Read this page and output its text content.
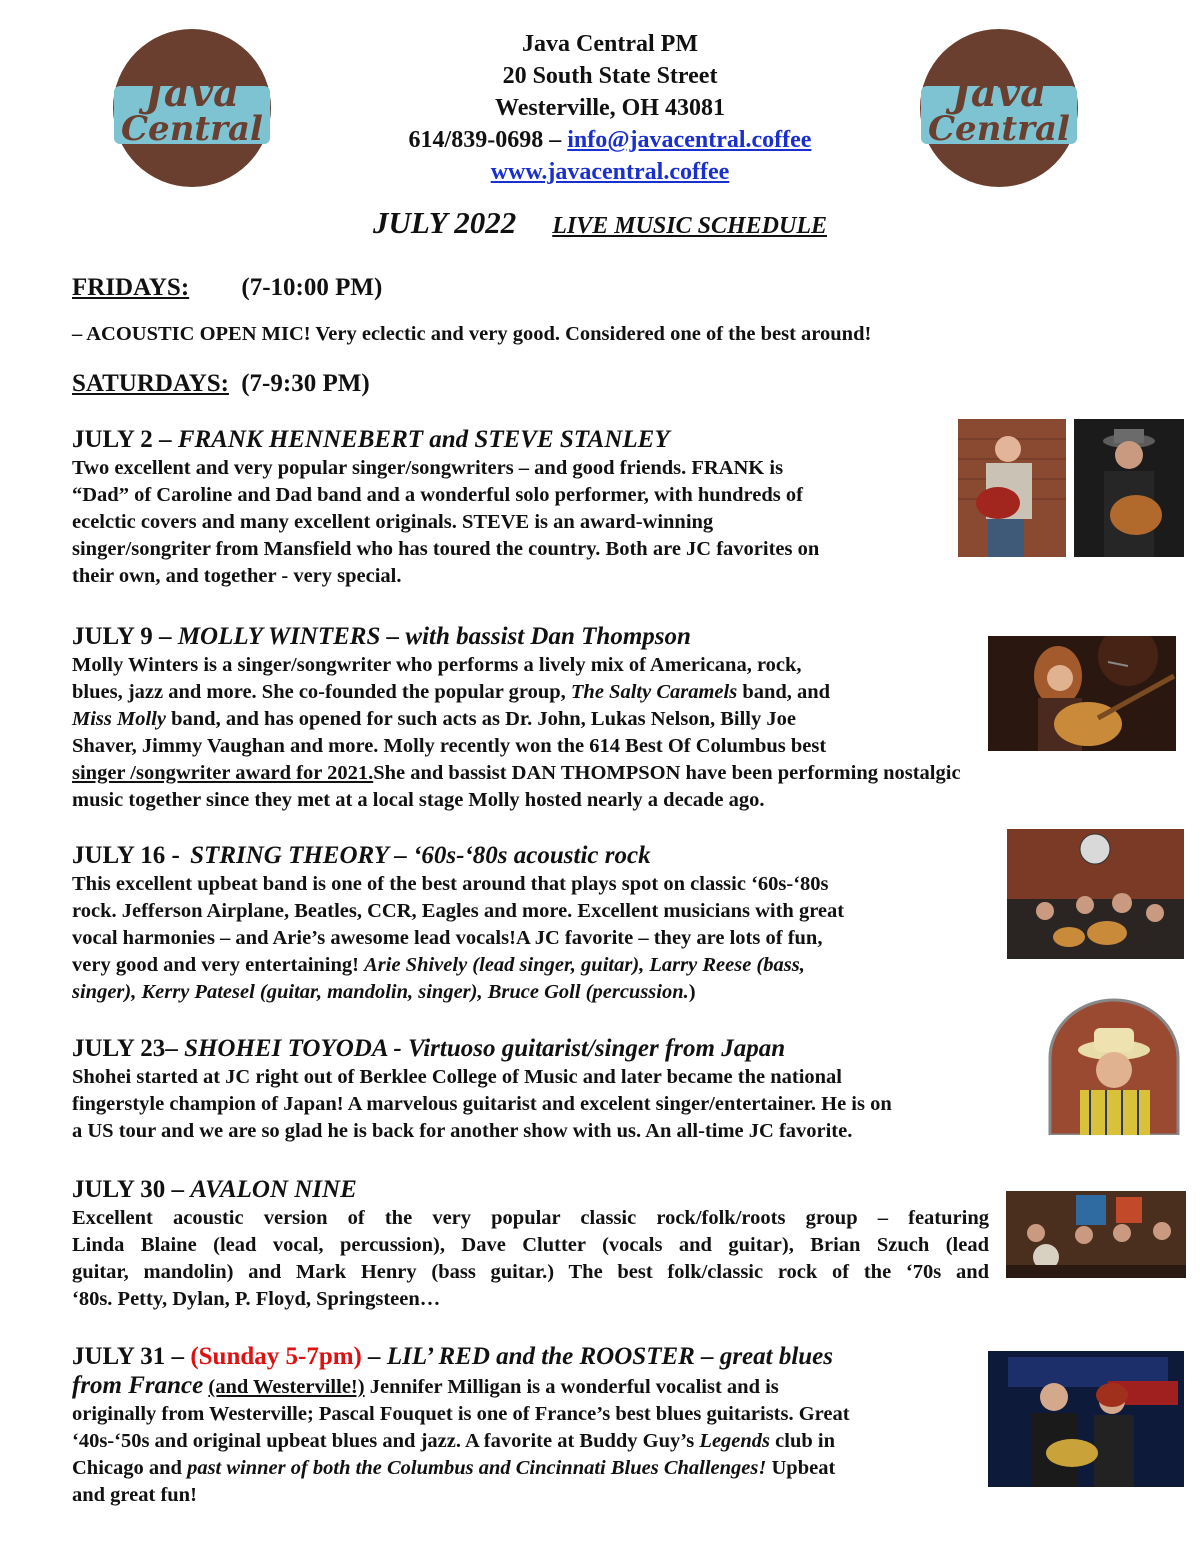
Java
Central
Java
Central
Java Central PM
20 South State Street
Westerville, OH 43081
614/839-0698 – info@javacentral.coffee
www.javacentral.coffee
JULY 2022 LIVE MUSIC SCHEDULE
FRIDAYS: (7-10:00 PM)
– ACOUSTIC OPEN MIC! Very eclectic and very good. Considered one of the best around!
SATURDAYS: (7-9:30 PM)
JULY 2 – FRANK HENNEBERT and STEVE STANLEY
Two excellent and very popular singer/songwriters – and good friends. FRANK is
“Dad” of Caroline and Dad band and a wonderful solo performer, with hundreds of
ecelctic covers and many excellent originals. STEVE is an award-winning
singer/songriter from Mansfield who has toured the country. Both are JC favorites on
their own, and together - very special.
JULY 9 – MOLLY WINTERS – with bassist Dan Thompson
Molly Winters is a singer/songwriter who performs a lively mix of Americana, rock,
blues, jazz and more. She co-founded the popular group, The Salty Caramels band, and
Miss Molly band, and has opened for such acts as Dr. John, Lukas Nelson, Billy Joe
Shaver, Jimmy Vaughan and more. Molly recently won the 614 Best Of Columbus best
singer /songwriter award for 2021.She and bassist DAN THOMPSON have been performing nostalgic
music together since they met at a local stage Molly hosted nearly a decade ago.
JULY 16 - STRING THEORY – ‘60s-‘80s acoustic rock
This excellent upbeat band is one of the best around that plays spot on classic ‘60s-‘80s
rock. Jefferson Airplane, Beatles, CCR, Eagles and more. Excellent musicians with great
vocal harmonies – and Arie’s awesome lead vocals!A JC favorite – they are lots of fun,
very good and very entertaining! Arie Shively (lead singer, guitar), Larry Reese (bass,
singer), Kerry Patesel (guitar, mandolin, singer), Bruce Goll (percussion.)
JULY 23– SHOHEI TOYODA - Virtuoso guitarist/singer from Japan
Shohei started at JC right out of Berklee College of Music and later became the national
fingerstyle champion of Japan! A marvelous guitarist and excelent singer/entertainer. He is on
a US tour and we are so glad he is back for another show with us. An all-time JC favorite.
JULY 30 – AVALON NINE
Excellent acoustic version of the very popular classic rock/folk/roots group – featuring
Linda Blaine (lead vocal, percussion), Dave Clutter (vocals and guitar), Brian Szuch (lead
guitar, mandolin) and Mark Henry (bass guitar.) The best folk/classic rock of the ‘70s and
‘80s. Petty, Dylan, P. Floyd, Springsteen…
JULY 31 – (Sunday 5-7pm) – LIL’ RED and the ROOSTER – great blues
from France (and Westerville!) Jennifer Milligan is a wonderful vocalist and is
originally from Westerville; Pascal Fouquet is one of France’s best blues guitarists. Great
‘40s-‘50s and original upbeat blues and jazz. A favorite at Buddy Guy’s Legends club in
Chicago and past winner of both the Columbus and Cincinnati Blues Challenges! Upbeat
and great fun!
